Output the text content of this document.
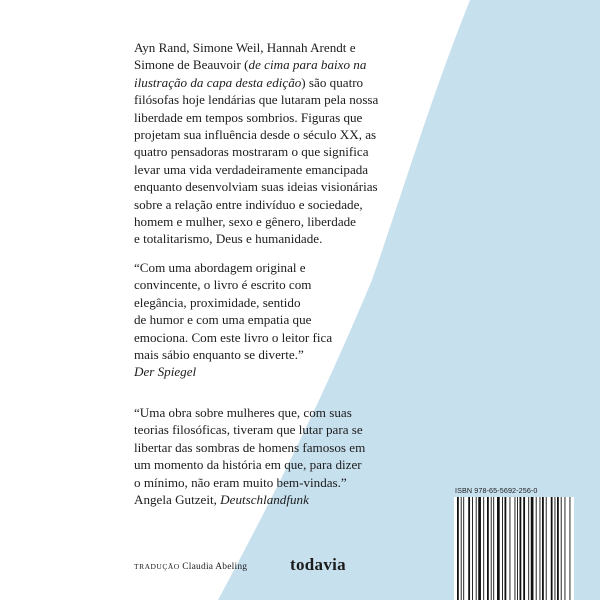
Ayn Rand, Simone Weil, Hannah Arendt e
Simone de Beauvoir (de cima para baixo na
ilustração da capa desta edição) são quatro
filósofas hoje lendárias que lutaram pela nossa
liberdade em tempos sombrios. Figuras que
projetam sua influência desde o século XX, as
quatro pensadoras mostraram o que significa
levar uma vida verdadeiramente emancipada
enquanto desenvolviam suas ideias visionárias
sobre a relação entre indivíduo e sociedade,
homem e mulher, sexo e gênero, liberdade
e totalitarismo, Deus e humanidade.
“Com uma abordagem original e
convincente, o livro é escrito com
elegância, proximidade, sentido
de humor e com uma empatia que
emociona. Com este livro o leitor fica
mais sábio enquanto se diverte.”
Der Spiegel
“Uma obra sobre mulheres que, com suas
teorias filosóficas, tiveram que lutar para se
libertar das sombras de homens famosos em
um momento da história em que, para dizer
o mínimo, não eram muito bem-vindas.”
Angela Gutzeit, Deutschlandfunk
TRADUÇÃO Claudia Abeling	todavia
ISBN 978-65-5692-256-0
